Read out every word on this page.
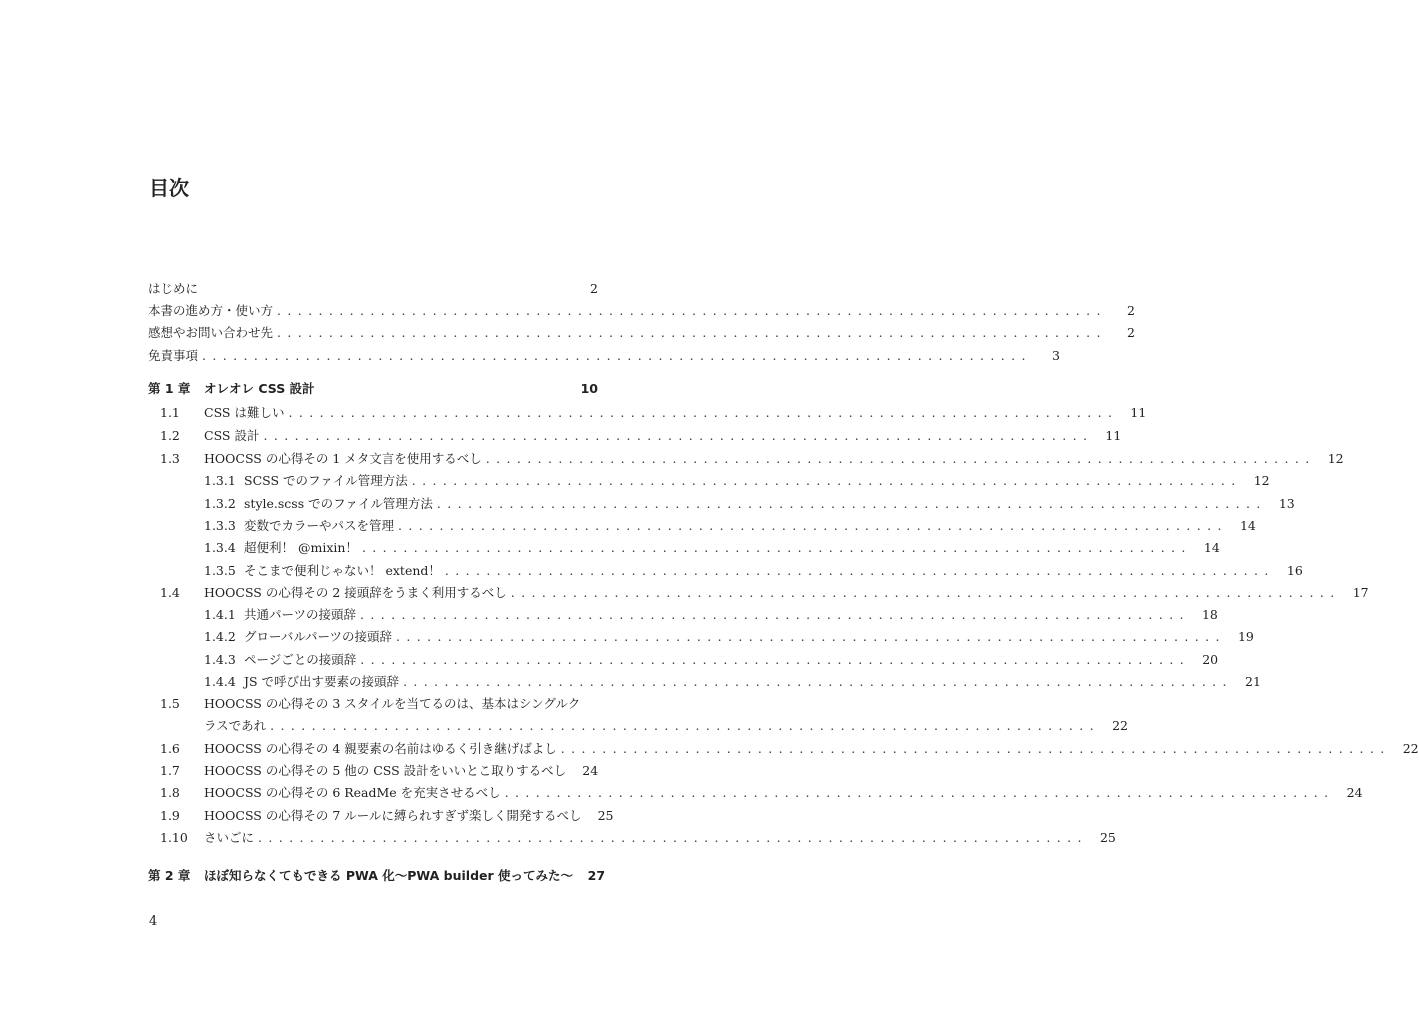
目次
はじめに	2
本書の進め方・使い方 ................................................................................	2
感想やお問い合わせ先 ................................................................................	2
免責事項 ................................................................................	3
第 1 章	オレオレ CSS 設計	10
1.1	CSS は難しい ................................................................................ 11
1.2	CSS 設計 ................................................................................ 11
1.3	HOOCSS の心得その 1 メタ文言を使用するべし ................................................................................ 12
1.3.1 SCSS でのファイル管理方法 ................................................................................ 12
1.3.2 style.scss でのファイル管理方法 ................................................................................ 13
1.3.3 変数でカラーやパスを管理 ................................................................................ 14
1.3.4 超便利！ @mixin！ ................................................................................ 14
1.3.5 そこまで便利じゃない！ extend！ ................................................................................ 16
1.4	HOOCSS の心得その 2 接頭辞をうまく利用するべし ................................................................................ 17
1.4.1 共通パーツの接頭辞 ................................................................................ 18
1.4.2 グローバルパーツの接頭辞 ................................................................................ 19
1.4.3 ページごとの接頭辞 ................................................................................ 20
1.4.4 JS で呼び出す要素の接頭辞 ................................................................................ 21
1.5	HOOCSS の心得その 3 スタイルを当てるのは、基本はシングルク
ラスであれ ................................................................................ 22
1.6	HOOCSS の心得その 4 親要素の名前はゆるく引き継げばよし ................................................................................ 22
1.7	HOOCSS の心得その 5 他の CSS 設計をいいとこ取りするべし	24
1.8	HOOCSS の心得その 6 ReadMe を充実させるべし ................................................................................ 24
1.9	HOOCSS の心得その 7 ルールに縛られすぎず楽しく開発するべし	25
1.10	さいごに ................................................................................ 25
第 2 章	ほぼ知らなくてもできる PWA 化〜PWA builder 使ってみた〜	27
4
